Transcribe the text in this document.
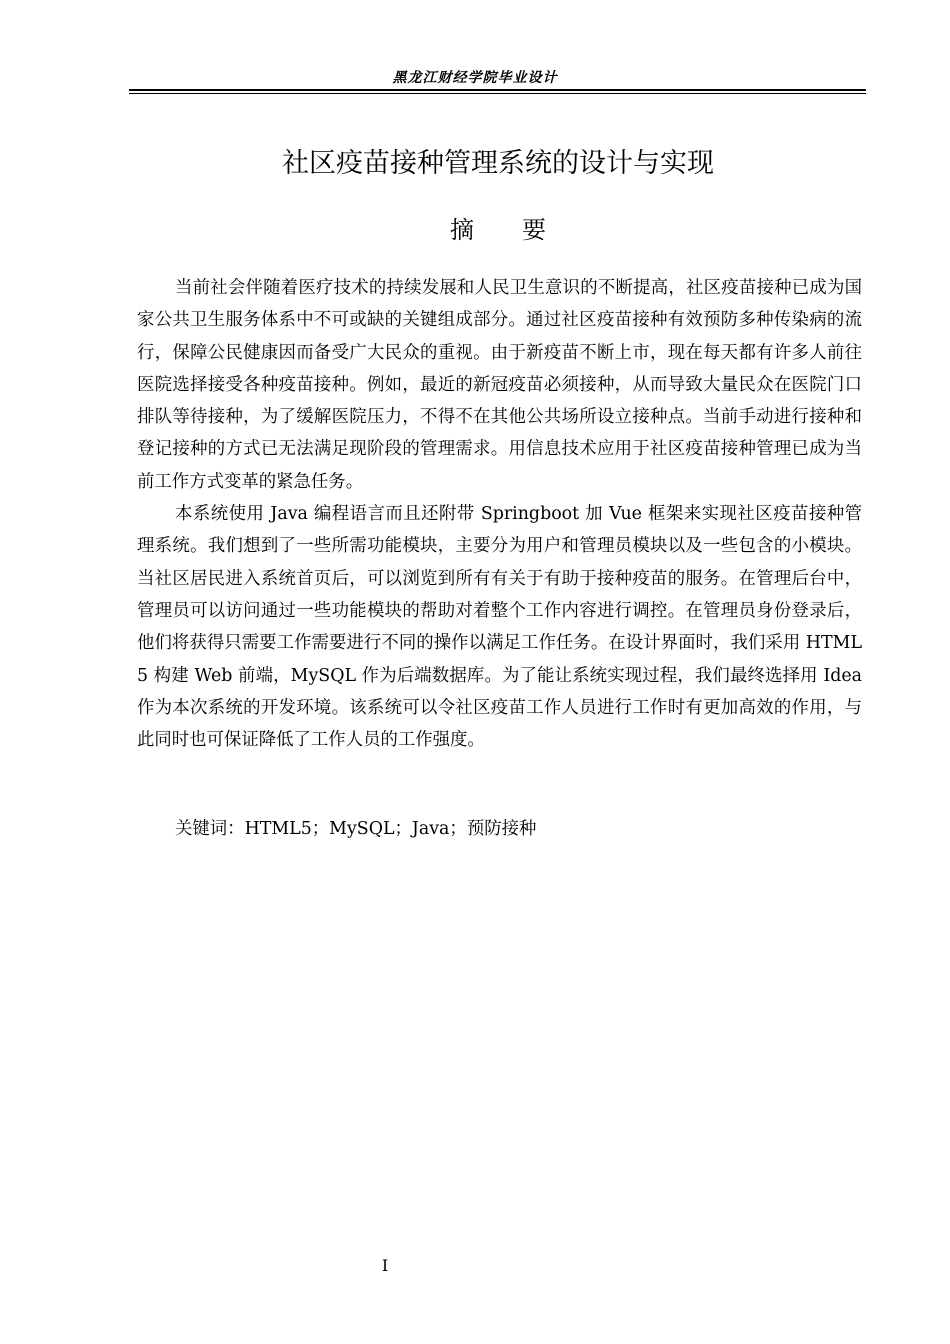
黑龙江财经学院毕业设计
社区疫苗接种管理系统的设计与实现
摘要

当前社会伴随着医疗技术的持续发展和人民卫生意识的不断提高，社区疫苗接种已成为国家公共卫生服务体系中不可或缺的关键组成部分。通过社区疫苗接种有效预防多种传染病的流行，保障公民健康因而备受广大民众的重视。由于新疫苗不断上市，现在每天都有许多人前往医院选择接受各种疫苗接种。例如，最近的新冠疫苗必须接种，从而导致大量民众在医院门口排队等待接种，为了缓解医院压力，不得不在其他公共场所设立接种点。当前手动进行接种和登记接种的方式已无法满足现阶段的管理需求。用信息技术应用于社区疫苗接种管理已成为当前工作方式变革的紧急任务。

本系统使用 Java 编程语言而且还附带 Springboot 加 Vue 框架来实现社区疫苗接种管理系统。我们想到了一些所需功能模块，主要分为用户和管理员模块以及一些包含的小模块。当社区居民进入系统首页后，可以浏览到所有有关于有助于接种疫苗的服务。在管理后台中，管理员可以访问通过一些功能模块的帮助对着整个工作内容进行调控。在管理员身份登录后，他们将获得只需要工作需要进行不同的操作以满足工作任务。在设计界面时，我们采用 HTML5 构建 Web 前端，MySQL 作为后端数据库。为了能让系统实现过程，我们最终选择用 Idea 作为本次系统的开发环境。该系统可以令社区疫苗工作人员进行工作时有更加高效的作用，与此同时也可保证降低了工作人员的工作强度。

关键词：HTML5；MySQL；Java；预防接种
I
